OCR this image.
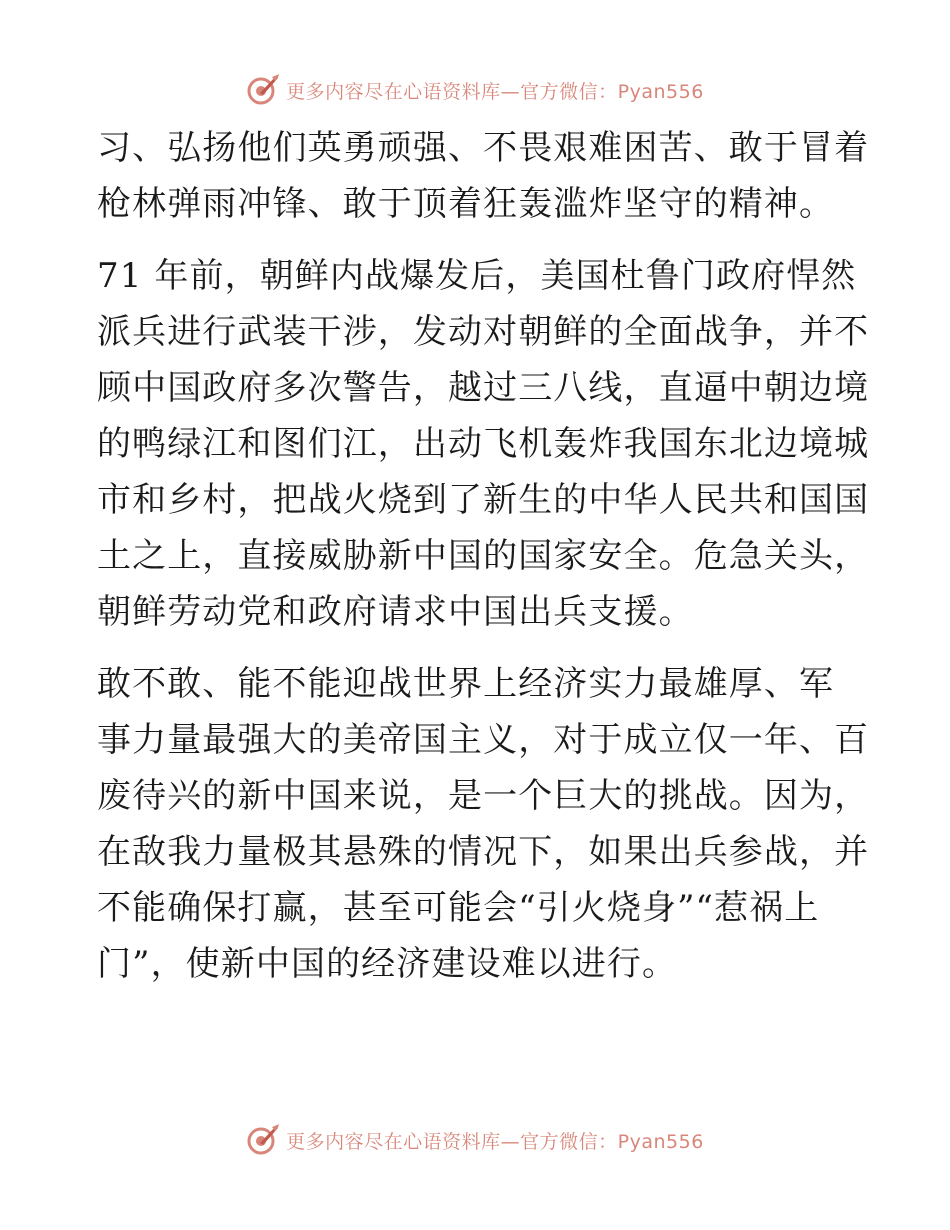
更多内容尽在心语资料库—官方微信：Pyan556

习、弘扬他们英勇顽强、不畏艰难困苦、敢于冒着
枪林弹雨冲锋、敢于顶着狂轰滥炸坚守的精神。

71 年前，朝鲜内战爆发后，美国杜鲁门政府悍然
派兵进行武装干涉，发动对朝鲜的全面战争，并不
顾中国政府多次警告，越过三八线，直逼中朝边境
的鸭绿江和图们江，出动飞机轰炸我国东北边境城
市和乡村，把战火烧到了新生的中华人民共和国国
土之上，直接威胁新中国的国家安全。危急关头，
朝鲜劳动党和政府请求中国出兵支援。

敢不敢、能不能迎战世界上经济实力最雄厚、军
事力量最强大的美帝国主义，对于成立仅一年、百
废待兴的新中国来说，是一个巨大的挑战。因为，
在敌我力量极其悬殊的情况下，如果出兵参战，并
不能确保打赢，甚至可能会“引火烧身”“惹祸上
门”，使新中国的经济建设难以进行。

更多内容尽在心语资料库—官方微信：Pyan556
